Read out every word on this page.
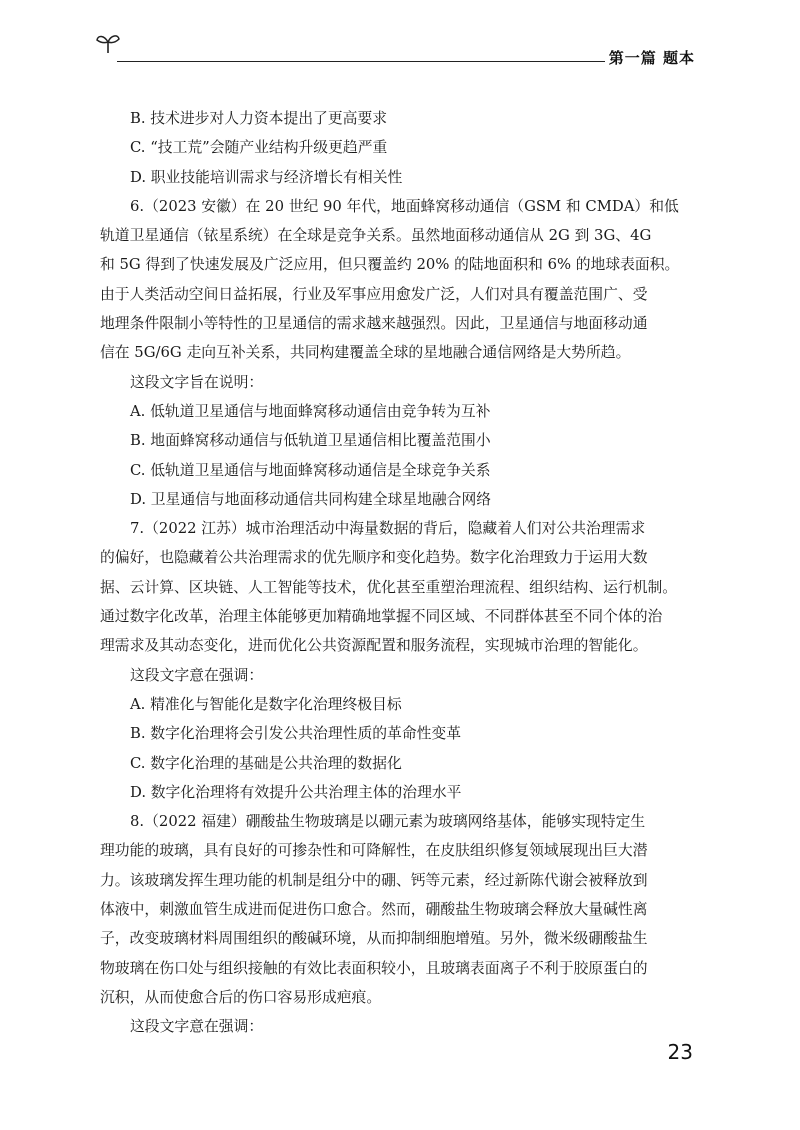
第一篇 题本

B. 技术进步对人力资本提出了更高要求

C. “技工荒”会随产业结构升级更趋严重

D. 职业技能培训需求与经济增长有相关性

6.（2023 安徽）在 20 世纪 90 年代，地面蜂窝移动通信（GSM 和 CMDA）和低

轨道卫星通信（铱星系统）在全球是竞争关系。虽然地面移动通信从 2G 到 3G、4G

和 5G 得到了快速发展及广泛应用，但只覆盖约 20% 的陆地面积和 6% 的地球表面积。

由于人类活动空间日益拓展，行业及军事应用愈发广泛，人们对具有覆盖范围广、受

地理条件限制小等特性的卫星通信的需求越来越强烈。因此，卫星通信与地面移动通

信在 5G/6G 走向互补关系，共同构建覆盖全球的星地融合通信网络是大势所趋。

这段文字旨在说明：

A. 低轨道卫星通信与地面蜂窝移动通信由竞争转为互补

B. 地面蜂窝移动通信与低轨道卫星通信相比覆盖范围小

C. 低轨道卫星通信与地面蜂窝移动通信是全球竞争关系

D. 卫星通信与地面移动通信共同构建全球星地融合网络

7.（2022 江苏）城市治理活动中海量数据的背后，隐藏着人们对公共治理需求

的偏好，也隐藏着公共治理需求的优先顺序和变化趋势。数字化治理致力于运用大数

据、云计算、区块链、人工智能等技术，优化甚至重塑治理流程、组织结构、运行机制。

通过数字化改革，治理主体能够更加精确地掌握不同区域、不同群体甚至不同个体的治

理需求及其动态变化，进而优化公共资源配置和服务流程，实现城市治理的智能化。

这段文字意在强调：

A. 精准化与智能化是数字化治理终极目标

B. 数字化治理将会引发公共治理性质的革命性变革

C. 数字化治理的基础是公共治理的数据化

D. 数字化治理将有效提升公共治理主体的治理水平

8.（2022 福建）硼酸盐生物玻璃是以硼元素为玻璃网络基体，能够实现特定生

理功能的玻璃，具有良好的可掺杂性和可降解性，在皮肤组织修复领域展现出巨大潜

力。该玻璃发挥生理功能的机制是组分中的硼、钙等元素，经过新陈代谢会被释放到

体液中，刺激血管生成进而促进伤口愈合。然而，硼酸盐生物玻璃会释放大量碱性离

子，改变玻璃材料周围组织的酸碱环境，从而抑制细胞增殖。另外，微米级硼酸盐生

物玻璃在伤口处与组织接触的有效比表面积较小，且玻璃表面离子不利于胶原蛋白的

沉积，从而使愈合后的伤口容易形成疤痕。

这段文字意在强调：

23
